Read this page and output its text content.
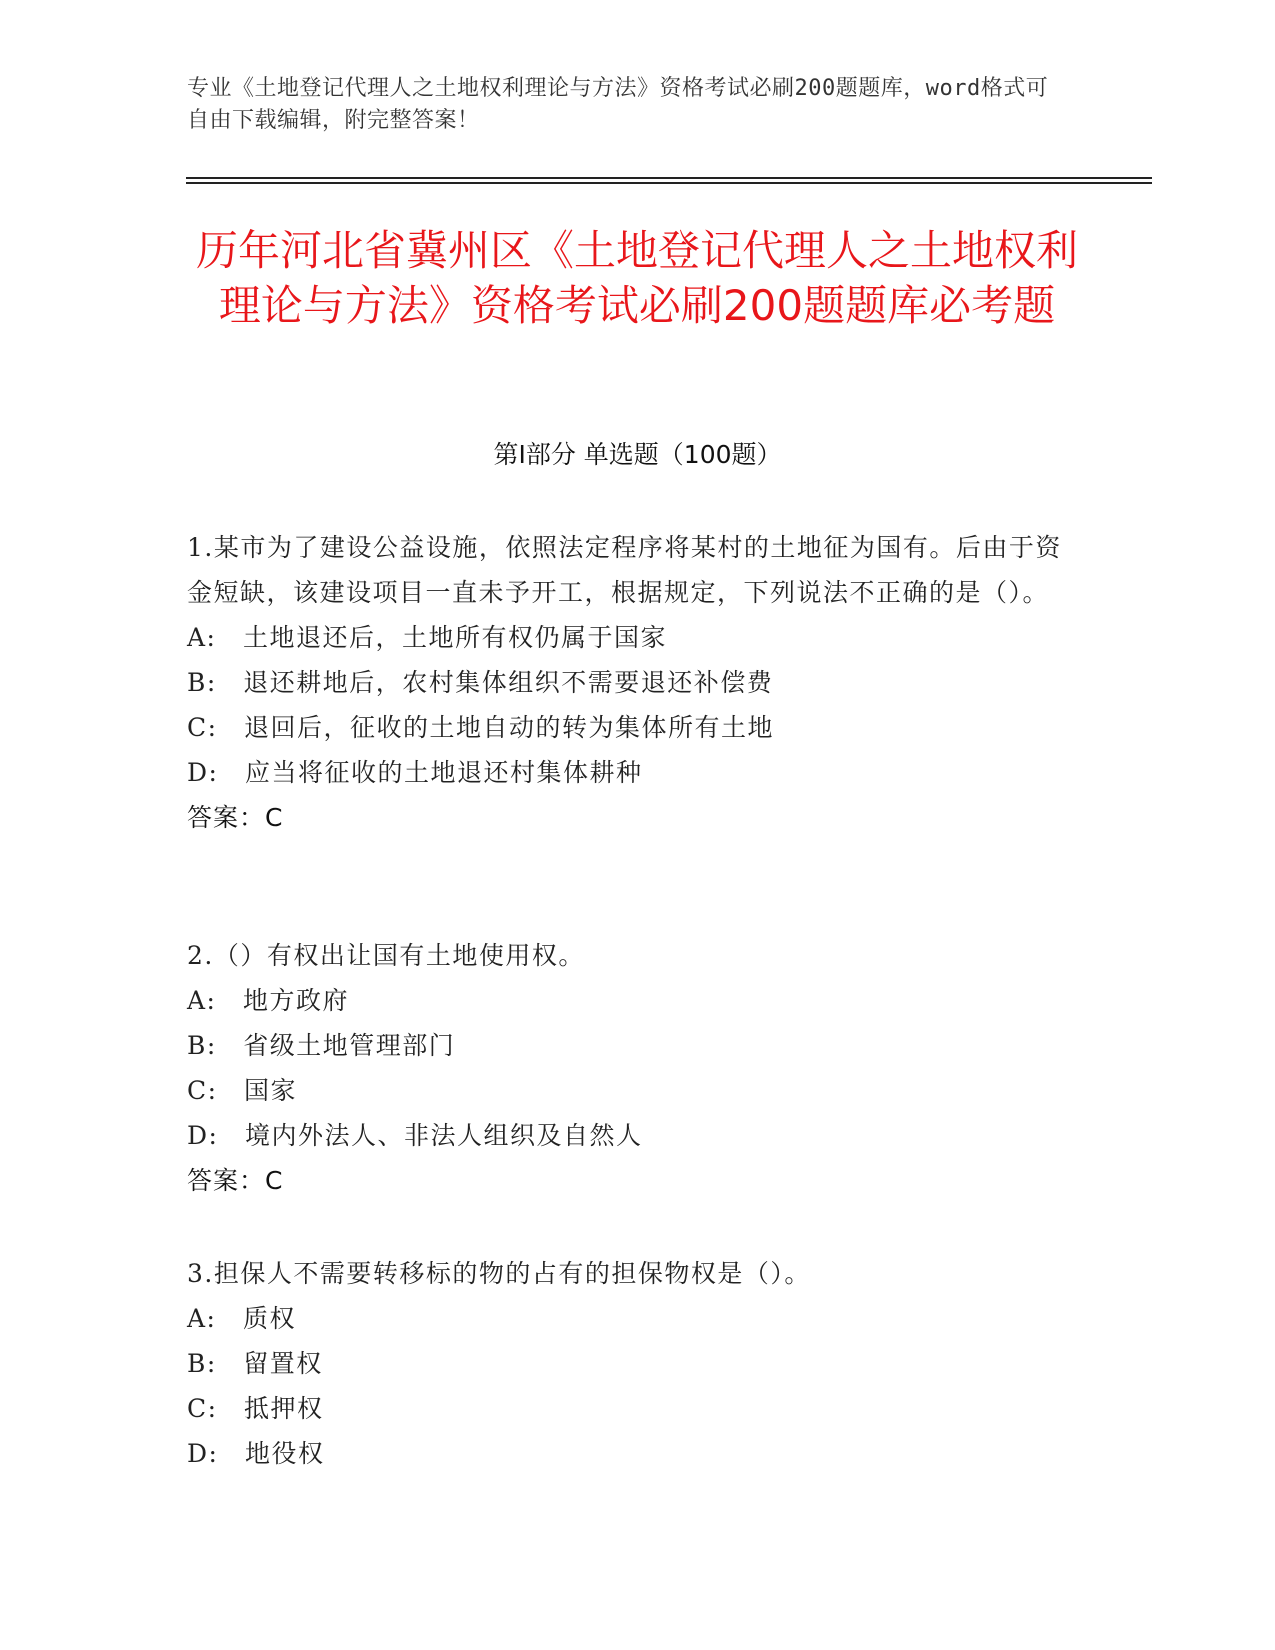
专业《土地登记代理人之土地权利理论与方法》资格考试必刷200题题库，word格式可自由下载编辑，附完整答案！
历年河北省冀州区《土地登记代理人之土地权利理论与方法》资格考试必刷200题题库必考题
第Ⅰ部分 单选题（100题）
1.某市为了建设公益设施，依照法定程序将某村的土地征为国有。后由于资金短缺，该建设项目一直未予开工，根据规定，下列说法不正确的是（）。
A:　土地退还后，土地所有权仍属于国家
B:　退还耕地后，农村集体组织不需要退还补偿费
C:　退回后，征收的土地自动的转为集体所有土地
D:　应当将征收的土地退还村集体耕种
答案：C
2.（）有权出让国有土地使用权。
A:　地方政府
B:　省级土地管理部门
C:　国家
D:　境内外法人、非法人组织及自然人
答案：C
3.担保人不需要转移标的物的占有的担保物权是（）。
A:　质权
B:　留置权
C:　抵押权
D:　地役权
